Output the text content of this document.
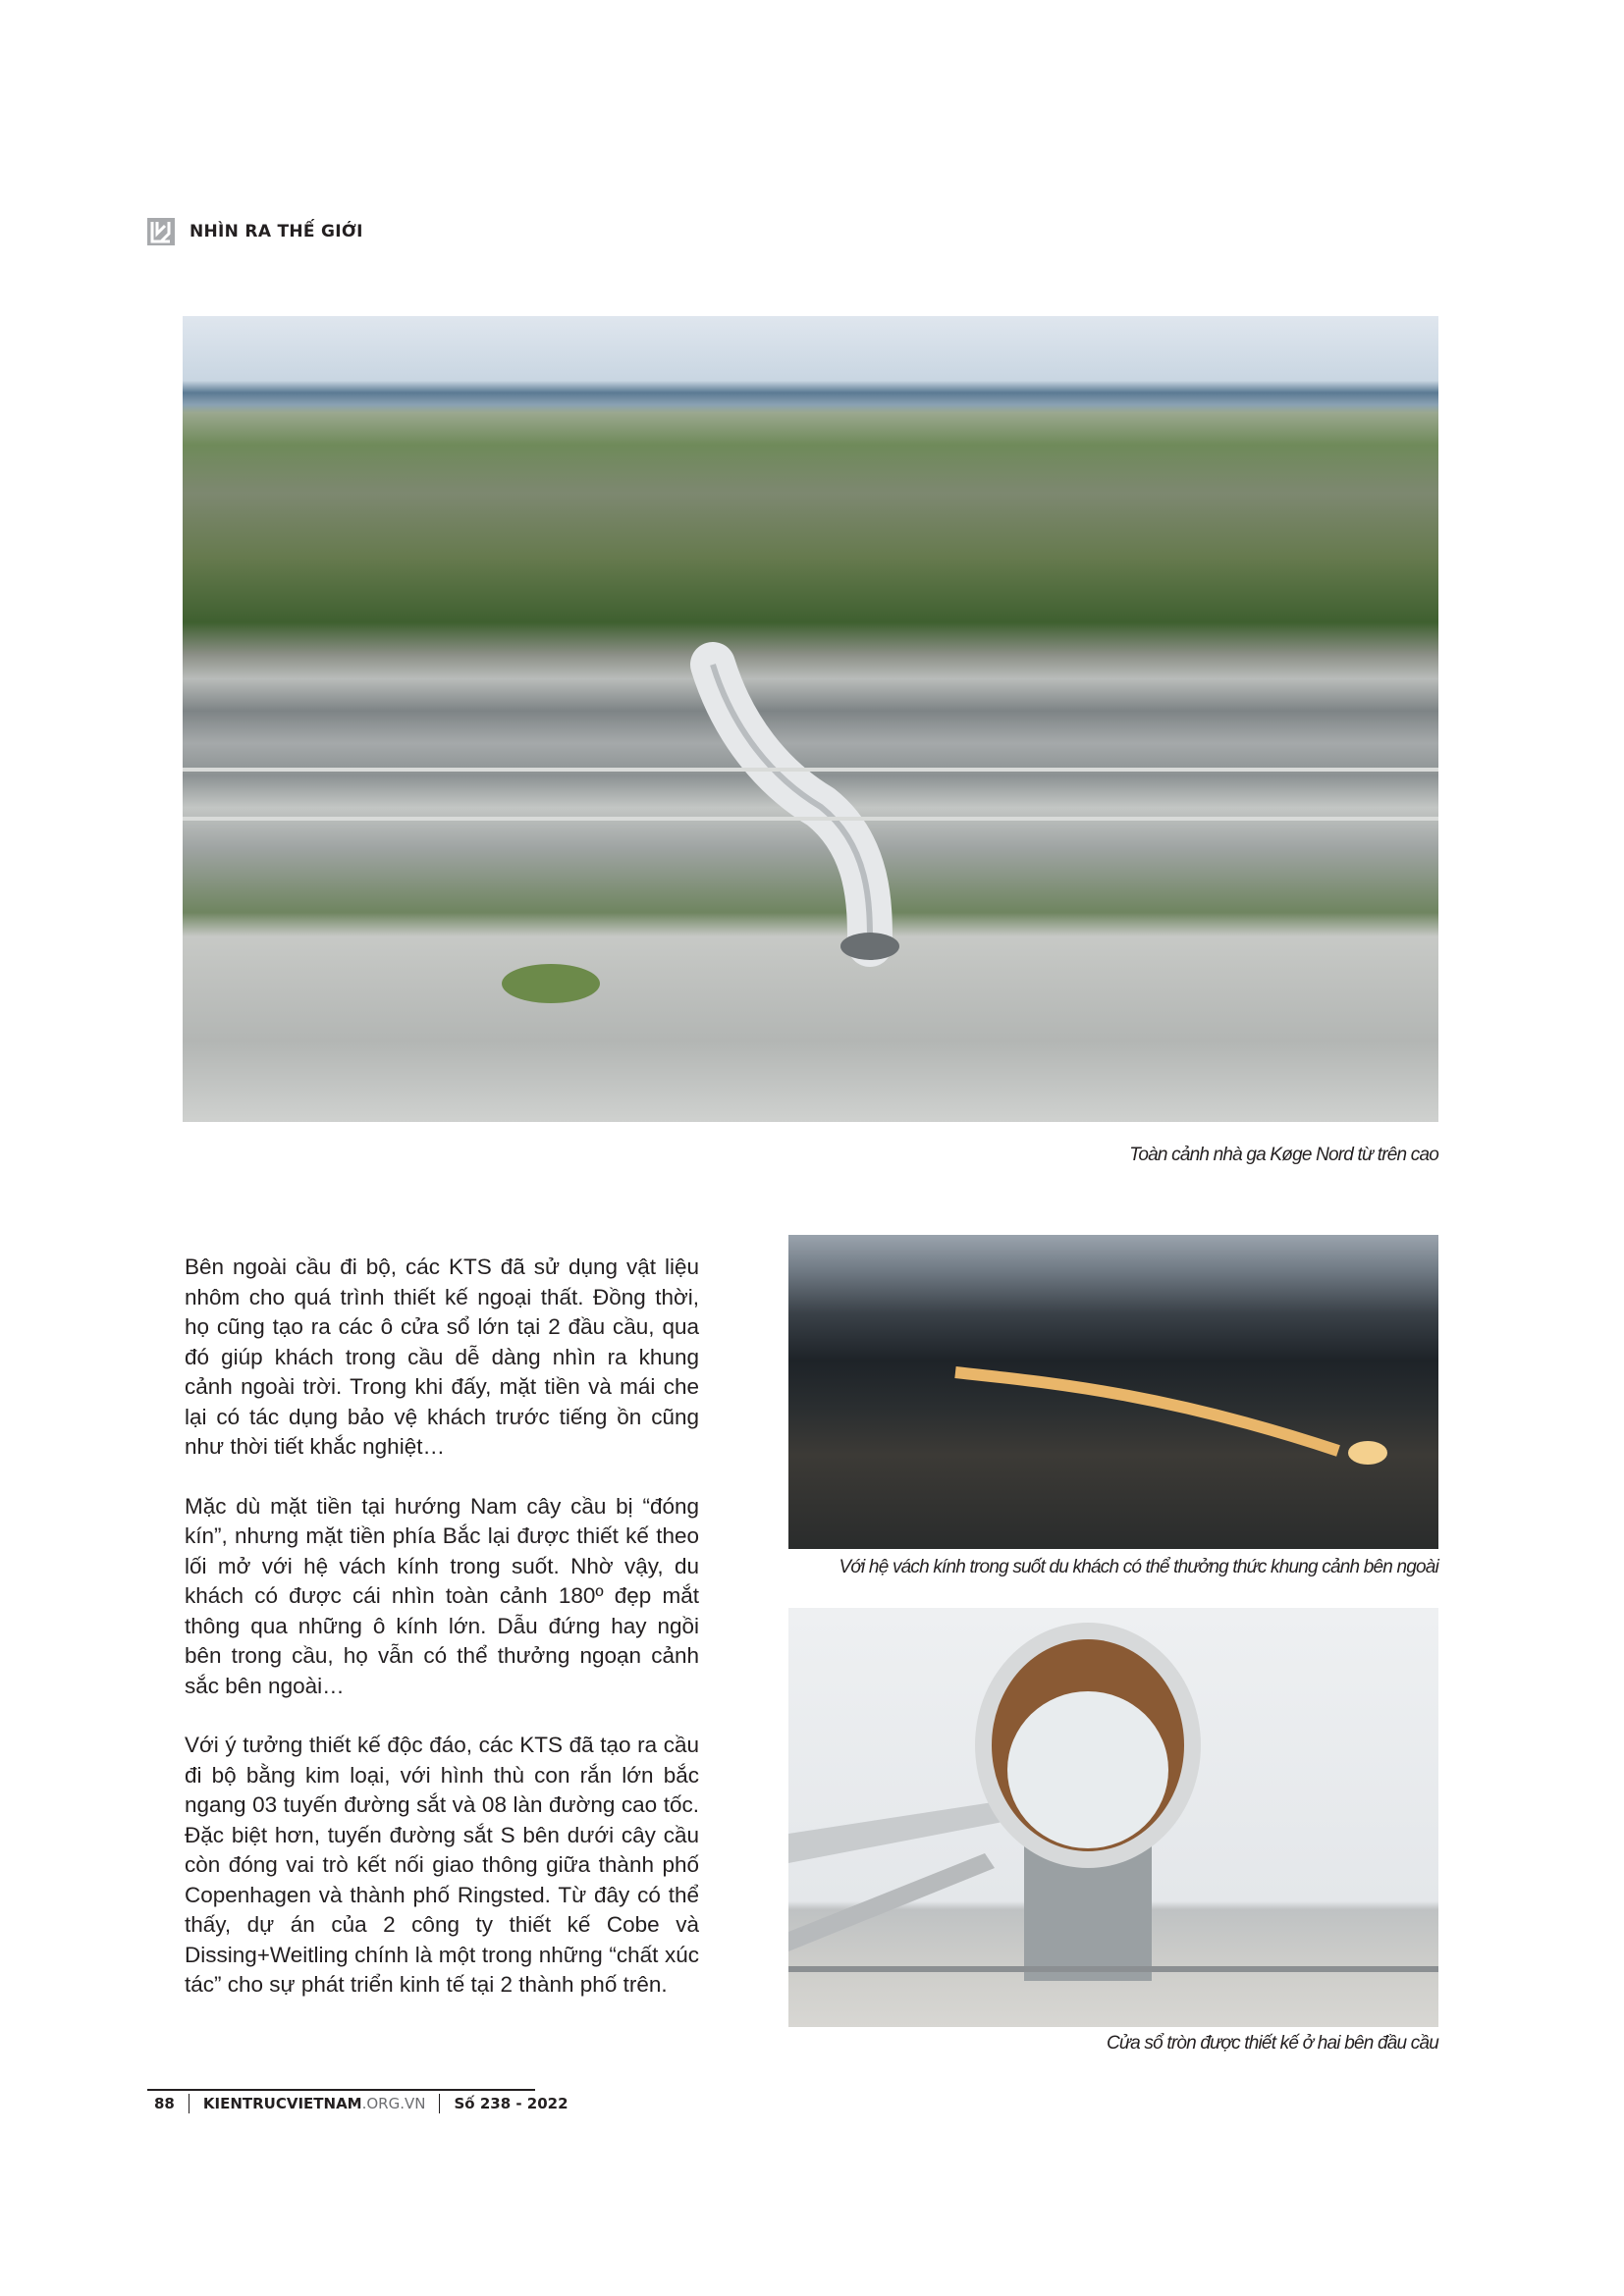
NHÌN RA THẾ GIỚI
Toàn cảnh nhà ga Køge Nord từ trên cao

Bên ngoài cầu đi bộ, các KTS đã sử dụng vật liệu nhôm cho quá trình thiết kế ngoại thất. Đồng thời, họ cũng tạo ra các ô cửa sổ lớn tại 2 đầu cầu, qua đó giúp khách trong cầu dễ dàng nhìn ra khung cảnh ngoài trời. Trong khi đấy, mặt tiền và mái che lại có tác dụng bảo vệ khách trước tiếng ồn cũng như thời tiết khắc nghiệt…

Mặc dù mặt tiền tại hướng Nam cây cầu bị “đóng kín”, nhưng mặt tiền phía Bắc lại được thiết kế theo lối mở với hệ vách kính trong suốt. Nhờ vậy, du khách có được cái nhìn toàn cảnh 180º đẹp mắt thông qua những ô kính lớn. Dẫu đứng hay ngồi bên trong cầu, họ vẫn có thể thưởng ngoạn cảnh sắc bên ngoài…

Với ý tưởng thiết kế độc đáo, các KTS đã tạo ra cầu đi bộ bằng kim loại, với hình thù con rắn lớn bắc ngang 03 tuyến đường sắt và 08 làn đường cao tốc. Đặc biệt hơn, tuyến đường sắt S bên dưới cây cầu còn đóng vai trò kết nối giao thông giữa thành phố Copenhagen và thành phố Ringsted. Từ đây có thể thấy, dự án của 2 công ty thiết kế Cobe và Dissing+Weitling chính là một trong những “chất xúc tác” cho sự phát triển kinh tế tại 2 thành phố trên.

Với hệ vách kính trong suốt du khách có thể thưởng thức khung cảnh bên ngoài
Cửa sổ tròn được thiết kế ở hai bên đầu cầu
88 KIENTRUCVIETNAM .ORG.VN Số 238 - 2022
